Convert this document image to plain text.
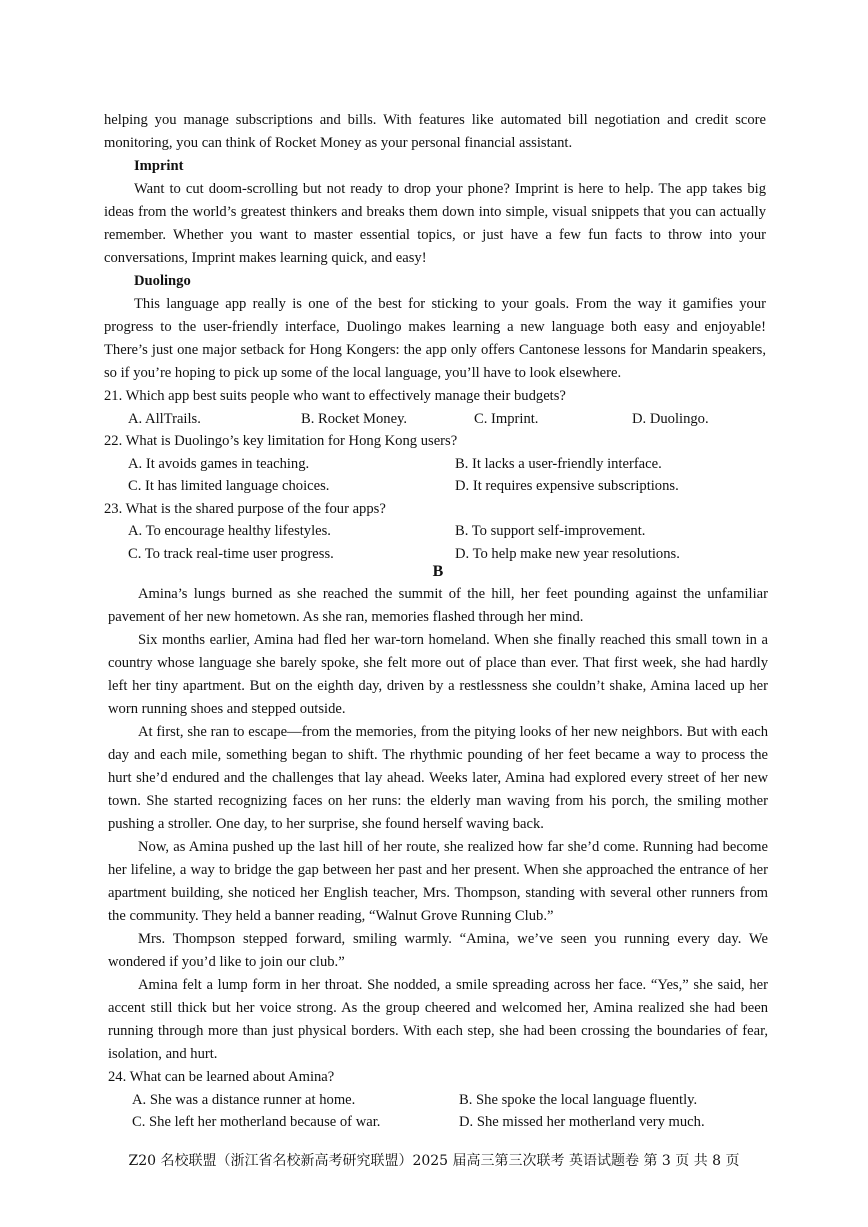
helping you manage subscriptions and bills. With features like automated bill negotiation and credit score monitoring, you can think of Rocket Money as your personal financial assistant.

Imprint

Want to cut doom-scrolling but not ready to drop your phone? Imprint is here to help. The app takes big ideas from the world’s greatest thinkers and breaks them down into simple, visual snippets that you can actually remember. Whether you want to master essential topics, or just have a few fun facts to throw into your conversations, Imprint makes learning quick, and easy!

Duolingo

This language app really is one of the best for sticking to your goals. From the way it gamifies your progress to the user-friendly interface, Duolingo makes learning a new language both easy and enjoyable! There’s just one major setback for Hong Kongers: the app only offers Cantonese lessons for Mandarin speakers, so if you’re hoping to pick up some of the local language, you’ll have to look elsewhere.

21. Which app best suits people who want to effectively manage their budgets?
A. AllTrails.	B. Rocket Money.	C. Imprint.	D. Duolingo.
22. What is Duolingo’s key limitation for Hong Kong users?
A. It avoids games in teaching.	B. It lacks a user-friendly interface.
C. It has limited language choices.	D. It requires expensive subscriptions.
23. What is the shared purpose of the four apps?
A. To encourage healthy lifestyles.	B. To support self-improvement.
C. To track real-time user progress.	D. To help make new year resolutions.
B

Amina’s lungs burned as she reached the summit of the hill, her feet pounding against the unfamiliar pavement of her new hometown. As she ran, memories flashed through her mind.

Six months earlier, Amina had fled her war-torn homeland. When she finally reached this small town in a country whose language she barely spoke, she felt more out of place than ever. That first week, she had hardly left her tiny apartment. But on the eighth day, driven by a restlessness she couldn’t shake, Amina laced up her worn running shoes and stepped outside.

At first, she ran to escape—from the memories, from the pitying looks of her new neighbors. But with each day and each mile, something began to shift. The rhythmic pounding of her feet became a way to process the hurt she’d endured and the challenges that lay ahead. Weeks later, Amina had explored every street of her new town. She started recognizing faces on her runs: the elderly man waving from his porch, the smiling mother pushing a stroller. One day, to her surprise, she found herself waving back.

Now, as Amina pushed up the last hill of her route, she realized how far she’d come. Running had become her lifeline, a way to bridge the gap between her past and her present. When she approached the entrance of her apartment building, she noticed her English teacher, Mrs. Thompson, standing with several other runners from the community. They held a banner reading, “Walnut Grove Running Club.”

Mrs. Thompson stepped forward, smiling warmly. “Amina, we’ve seen you running every day. We wondered if you’d like to join our club.”

Amina felt a lump form in her throat. She nodded, a smile spreading across her face. “Yes,” she said, her accent still thick but her voice strong. As the group cheered and welcomed her, Amina realized she had been running through more than just physical borders. With each step, she had been crossing the boundaries of fear, isolation, and hurt.

24. What can be learned about Amina?
A. She was a distance runner at home.	B. She spoke the local language fluently.
C. She left her motherland because of war.	D. She missed her motherland very much.
Z20 名校联盟（浙江省名校新高考研究联盟）2025 届高三第三次联考 英语试题卷 第 3 页 共 8 页
